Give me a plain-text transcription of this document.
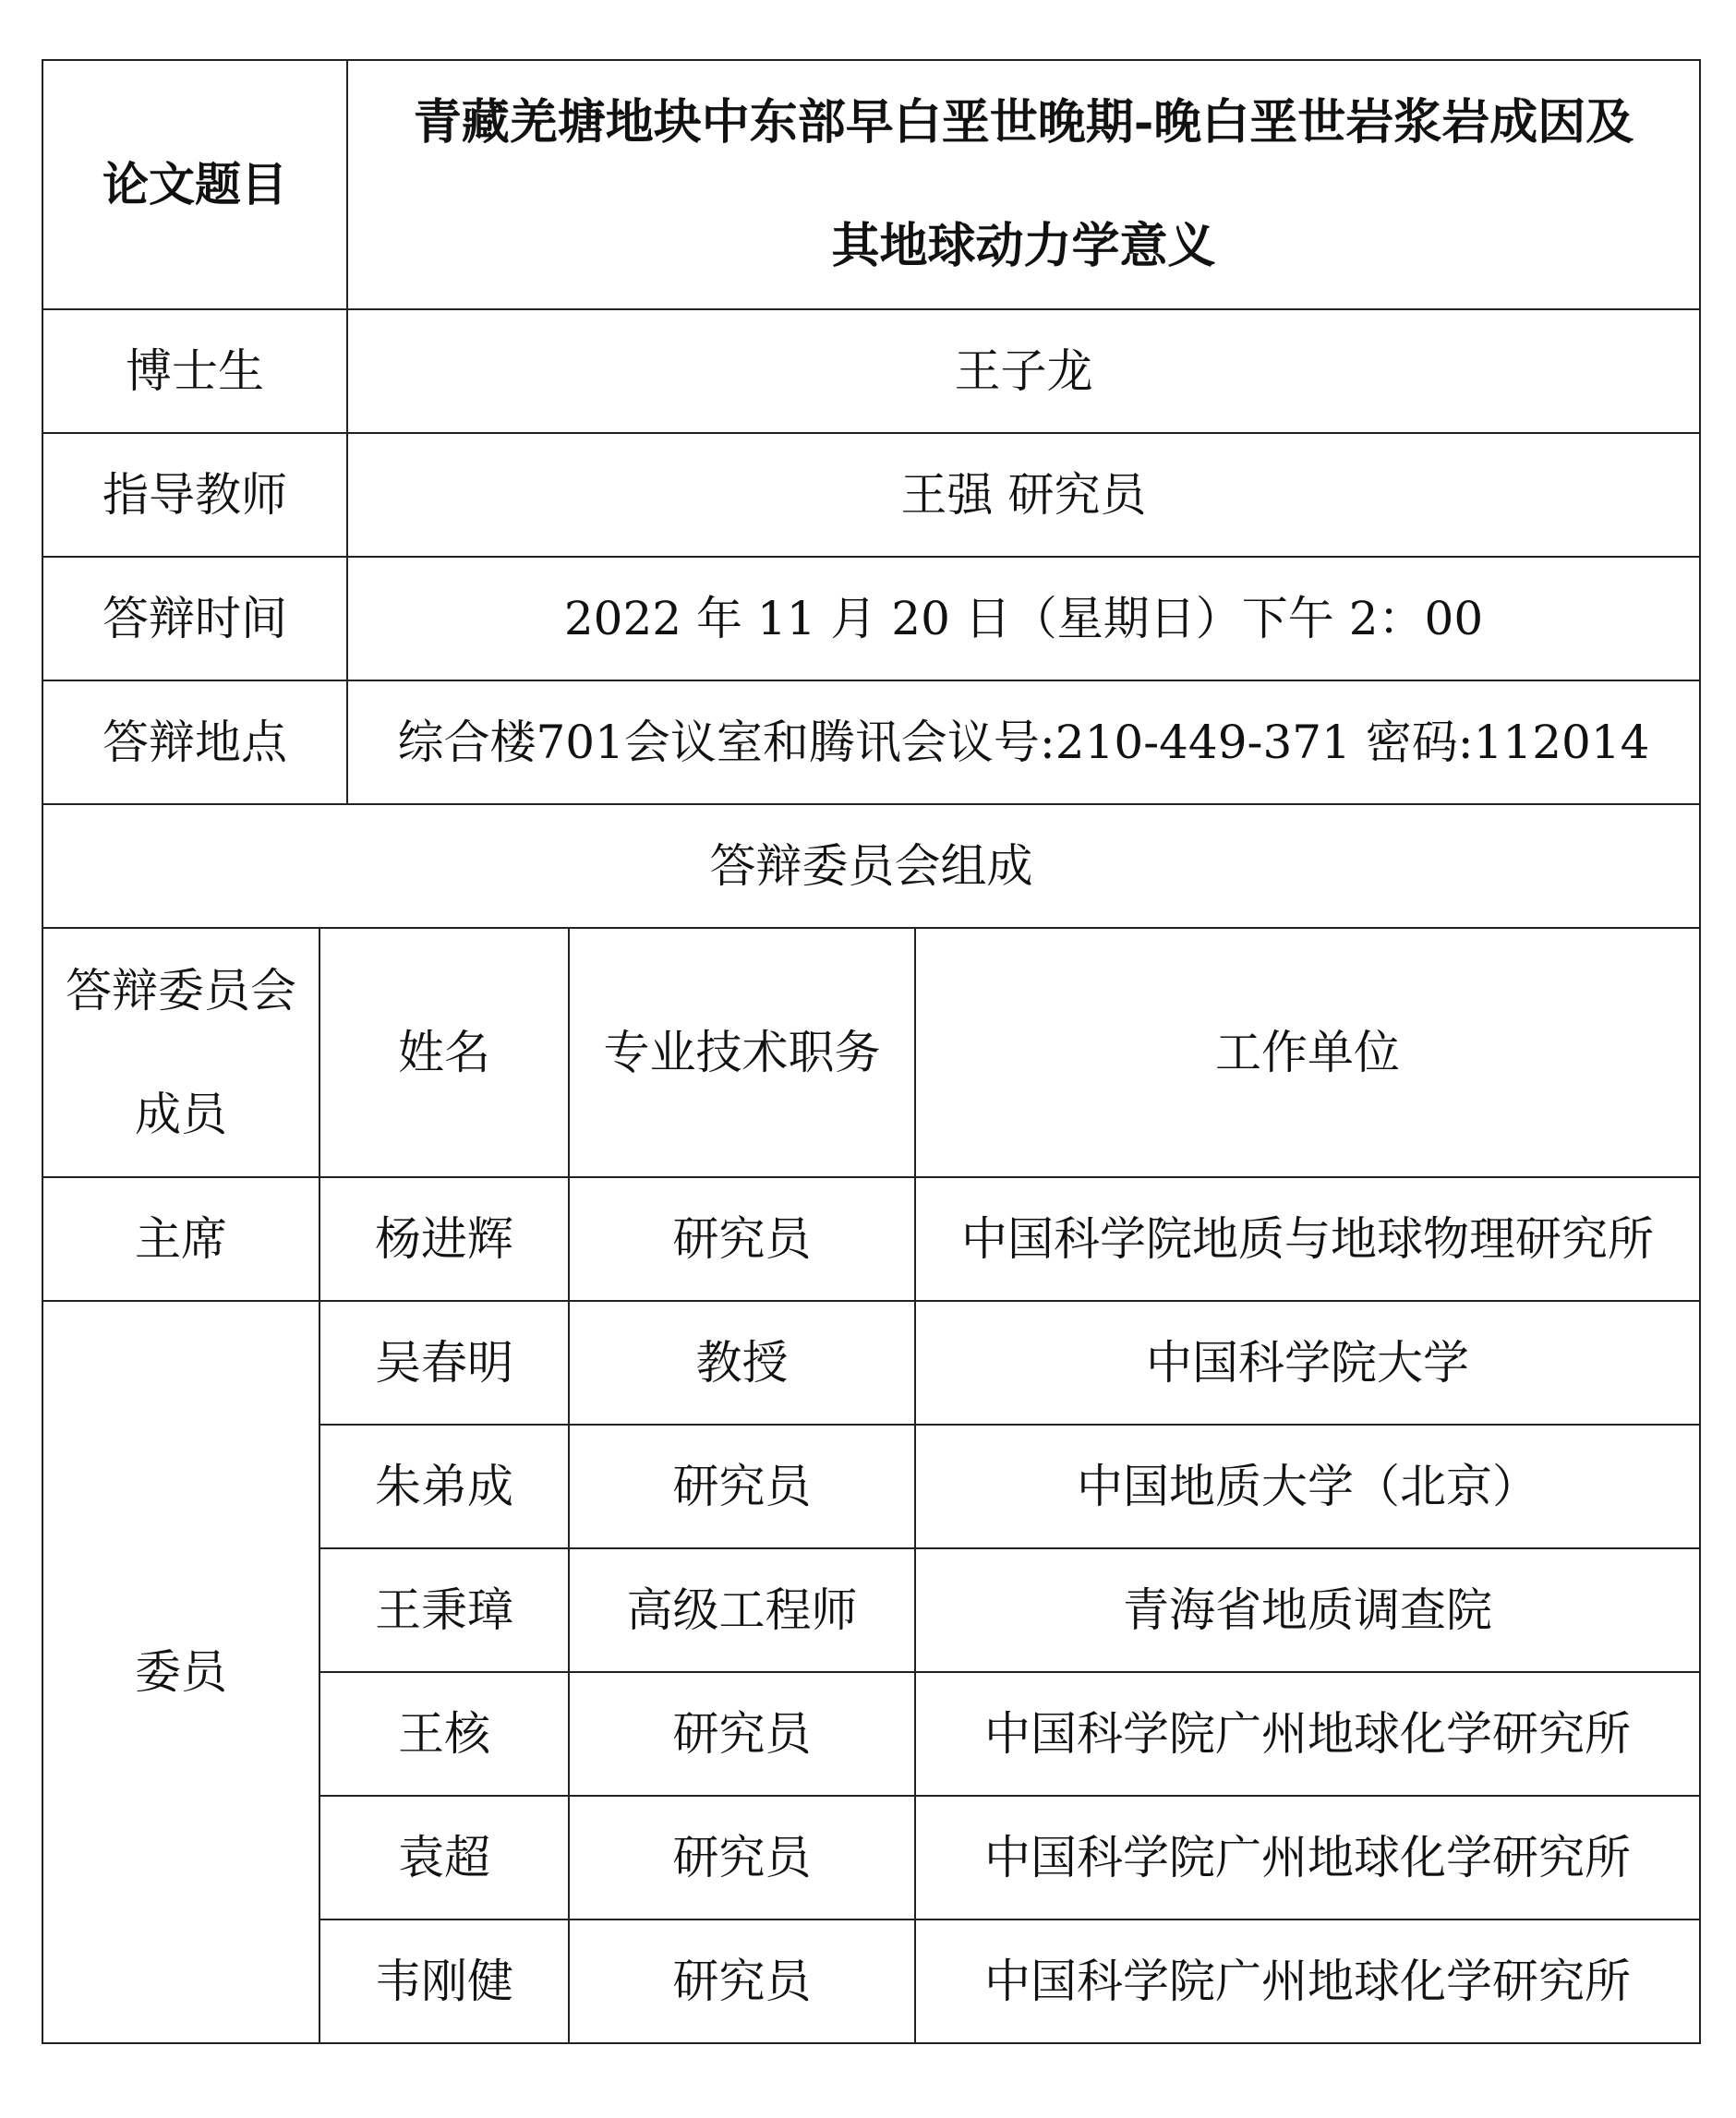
论文题目		青藏羌塘地块中东部早白垩世晚期-晚白垩世岩浆岩成因及
其地球动力学意义		

博士生		王子龙		
指导教师		王强 研究员		
答辩时间		2022 年 11 月 20 日（星期日）下午 2：00		
答辩地点		综合楼701会议室和腾讯会议号:210-449-371 密码:112014		
答辩委员会组成				
答辩委员会成员	姓名		专业技术职务	工作单位
主席	杨进辉		研究员	中国科学院地质与地球物理研究所
委员	吴春明		教授	中国科学院大学
	朱弟成		研究员	中国地质大学（北京）
	王秉璋		高级工程师	青海省地质调查院
	王核		研究员	中国科学院广州地球化学研究所
	袁超		研究员	中国科学院广州地球化学研究所
	韦刚健		研究员	中国科学院广州地球化学研究所
